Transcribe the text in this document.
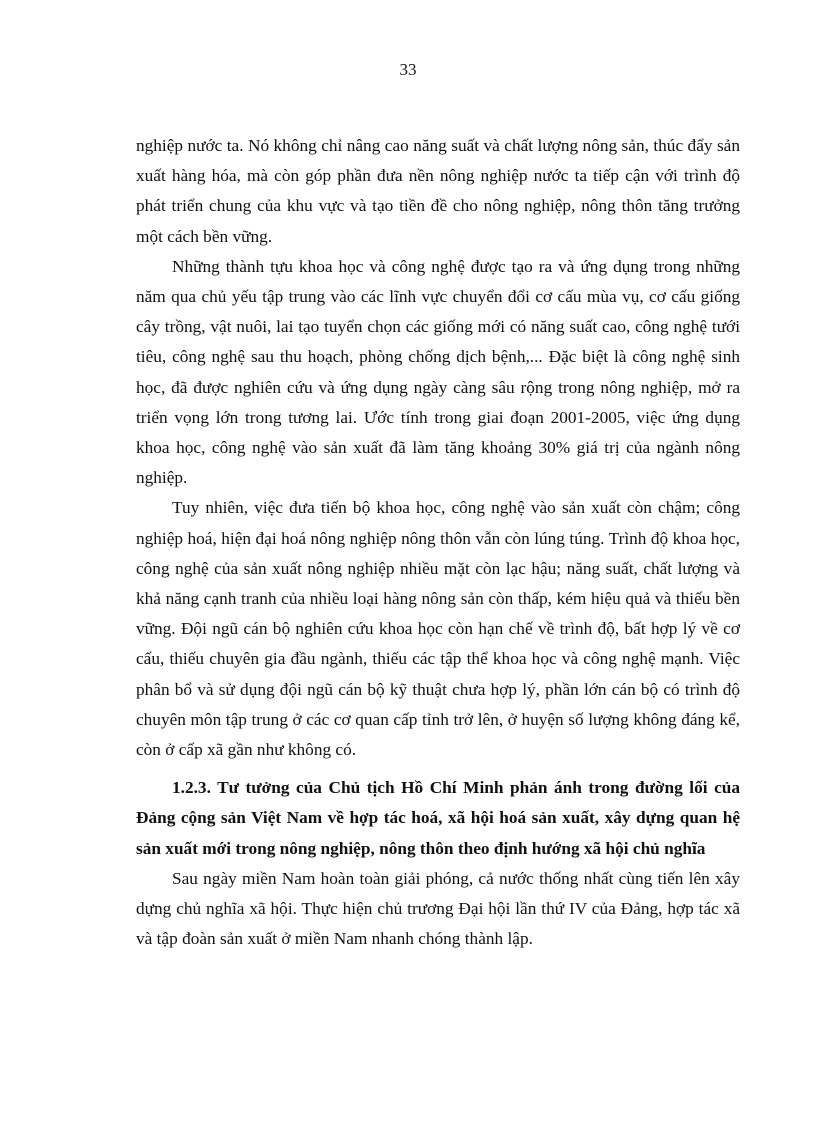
33

nghiệp nước ta. Nó không chỉ nâng cao năng suất và chất lượng nông sản, thúc đẩy sản xuất hàng hóa, mà còn góp phần đưa nền nông nghiệp nước ta tiếp cận với trình độ phát triển chung của khu vực và tạo tiền đề cho nông nghiệp, nông thôn tăng trưởng một cách bền vững.

Những thành tựu khoa học và công nghệ được tạo ra và ứng dụng trong những năm qua chủ yếu tập trung vào các lĩnh vực chuyển đổi cơ cấu mùa vụ, cơ cấu giống cây trồng, vật nuôi, lai tạo tuyển chọn các giống mới có năng suất cao, công nghệ tưới tiêu, công nghệ sau thu hoạch, phòng chống dịch bệnh,... Đặc biệt là công nghệ sinh học, đã được nghiên cứu và ứng dụng ngày càng sâu rộng trong nông nghiệp, mở ra triển vọng lớn trong tương lai. Ước tính trong giai đoạn 2001-2005, việc ứng dụng khoa học, công nghệ vào sản xuất đã làm tăng khoảng 30% giá trị của ngành nông nghiệp.

Tuy nhiên, việc đưa tiến bộ khoa học, công nghệ vào sản xuất còn chậm; công nghiệp hoá, hiện đại hoá nông nghiệp nông thôn vẫn còn lúng túng. Trình độ khoa học, công nghệ của sản xuất nông nghiệp nhiều mặt còn lạc hậu; năng suất, chất lượng và khả năng cạnh tranh của nhiều loại hàng nông sản còn thấp, kém hiệu quả và thiếu bền vững. Đội ngũ cán bộ nghiên cứu khoa học còn hạn chế về trình độ, bất hợp lý về cơ cấu, thiếu chuyên gia đầu ngành, thiếu các tập thể khoa học và công nghệ mạnh. Việc phân bổ và sử dụng đội ngũ cán bộ kỹ thuật chưa hợp lý, phần lớn cán bộ có trình độ chuyên môn tập trung ở các cơ quan cấp tỉnh trở lên, ở huyện số lượng không đáng kể, còn ở cấp xã gần như không có.

1.2.3. Tư tưởng của Chủ tịch Hồ Chí Minh phản ánh trong đường lối của Đảng cộng sản Việt Nam về hợp tác hoá, xã hội hoá sản xuất, xây dựng quan hệ sản xuất mới trong nông nghiệp, nông thôn theo định hướng xã hội chủ nghĩa

Sau ngày miền Nam hoàn toàn giải phóng, cả nước thống nhất cùng tiến lên xây dựng chủ nghĩa xã hội. Thực hiện chủ trương Đại hội lần thứ IV của Đảng, hợp tác xã và tập đoàn sản xuất ở miền Nam nhanh chóng thành lập.
